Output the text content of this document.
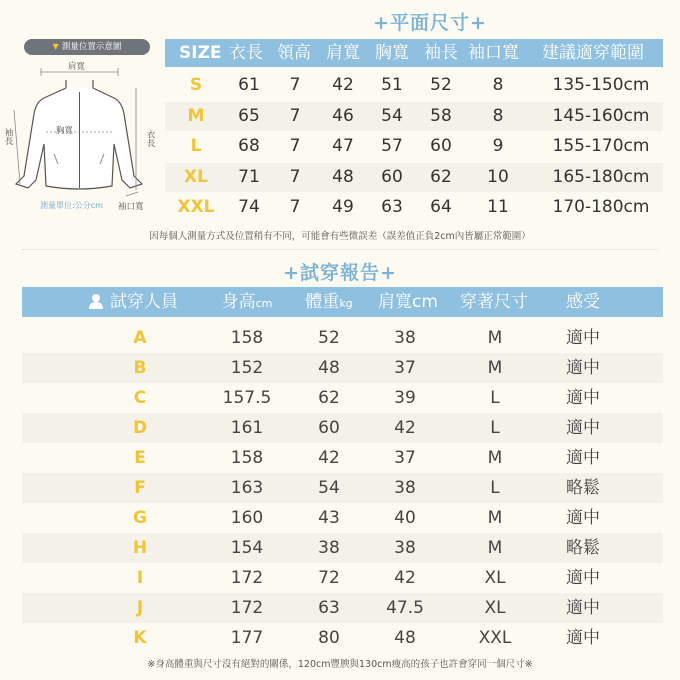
+平面尺寸+
▼ 測量位置示意圖
肩寬
胸寬
袖長	衣長
測量單位:公分cm 袖口寬
SIZE 衣長 領高 肩寬 胸寬 袖長 袖口寬 建議適穿範圍
S	61	7	42	51	52	8	135-150cm
M	65	7	46	54	58	8	145-160cm
L	68	7	47	57	60	9	155-170cm
XL	71	7	48	60	62	10	165-180cm
XXL	74	7	49	63	64	11	170-180cm
因每個人測量方式及位置稍有不同，可能會有些微誤差（誤差值正負2cm內皆屬正常範圍）
+試穿報告+
試穿人員	身高cm	體重kg	肩寬cm	穿著尺寸	感受
A	158	52	38	M	適中
B	152	48	37	M	適中
C	157.5	62	39	L	適中
D	161	60	42	L	適中
E	158	42	37	M	適中
F	163	54	38	L	略鬆
G	160	43	40	M	適中
H	154	38	38	M	略鬆
I	172	72	42	XL	適中
J	172	63	47.5	XL	適中
K	177	80	48	XXL	適中
※身高體重與尺寸沒有絕對的關係，120cm豐腴與130cm瘦高的孩子也許會穿同一個尺寸※
